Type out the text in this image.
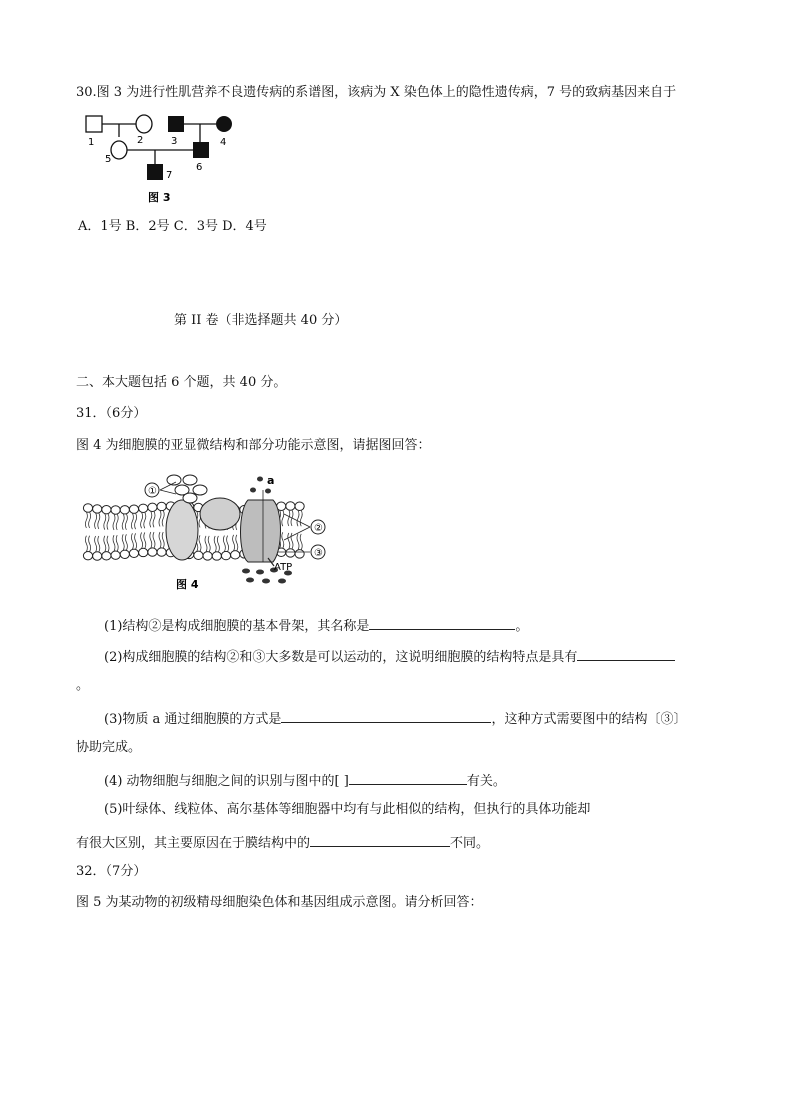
30.图 3 为进行性肌营养不良遗传病的系谱图，该病为 X 染色体上的隐性遗传病，7 号的致病基因来自于
1	2	3	4
5
6
7
图 3
A．1号 B．2号 C．3号 D．4号
第 II 卷（非选择题共 40 分）
二、本大题包括 6 个题，共 40 分。
31．（6分）
图 4 为细胞膜的亚显微结构和部分功能示意图，请据图回答：
①
②
③
a
ATP
图 4
(1)结构②是构成细胞膜的基本骨架，其名称是	。
(2)构成细胞膜的结构②和③大多数是可以运动的，这说明细胞膜的结构特点是具有
。
(3)物质 a 通过细胞膜的方式是	，这种方式需要图中的结构〔③〕
协助完成。
(4) 动物细胞与细胞之间的识别与图中的[ ]	有关。
(5)叶绿体、线粒体、高尔基体等细胞器中均有与此相似的结构，但执行的具体功能却
有很大区别，其主要原因在于膜结构中的	不同。
32．（7分）
图 5 为某动物的初级精母细胞染色体和基因组成示意图。请分析回答：
